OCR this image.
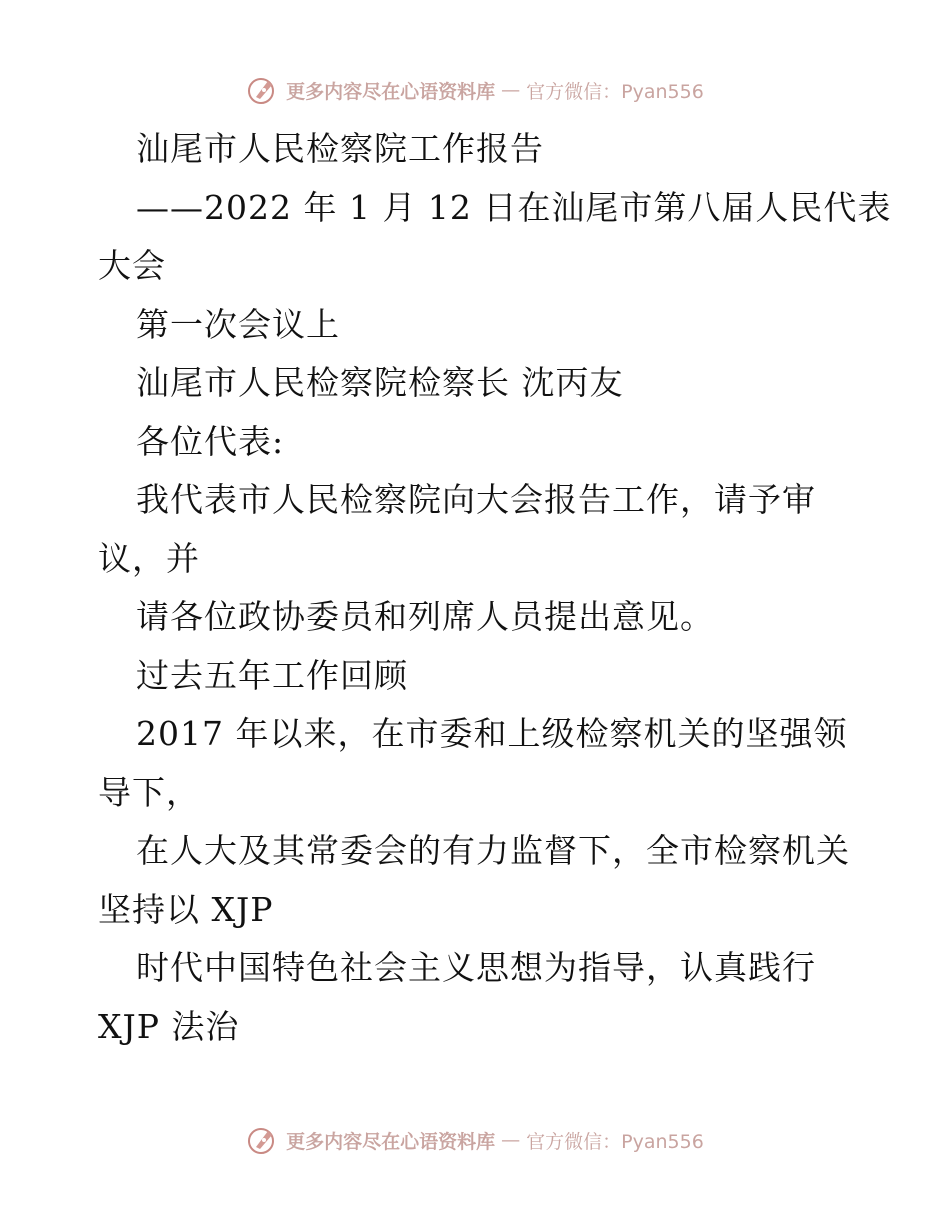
更多内容尽在心语资料库 — 官方微信：Pyan556
汕尾市人民检察院工作报告
——2022 年 1 月 12 日在汕尾市第八届人民代表
大会
第一次会议上
汕尾市人民检察院检察长 沈丙友
各位代表:
我代表市人民检察院向大会报告工作，请予审
议，并
请各位政协委员和列席人员提出意见。
过去五年工作回顾
2017 年以来，在市委和上级检察机关的坚强领
导下，
在人大及其常委会的有力监督下，全市检察机关
坚持以 XJP
时代中国特色社会主义思想为指导，认真践行
XJP 法治
更多内容尽在心语资料库 — 官方微信：Pyan556
